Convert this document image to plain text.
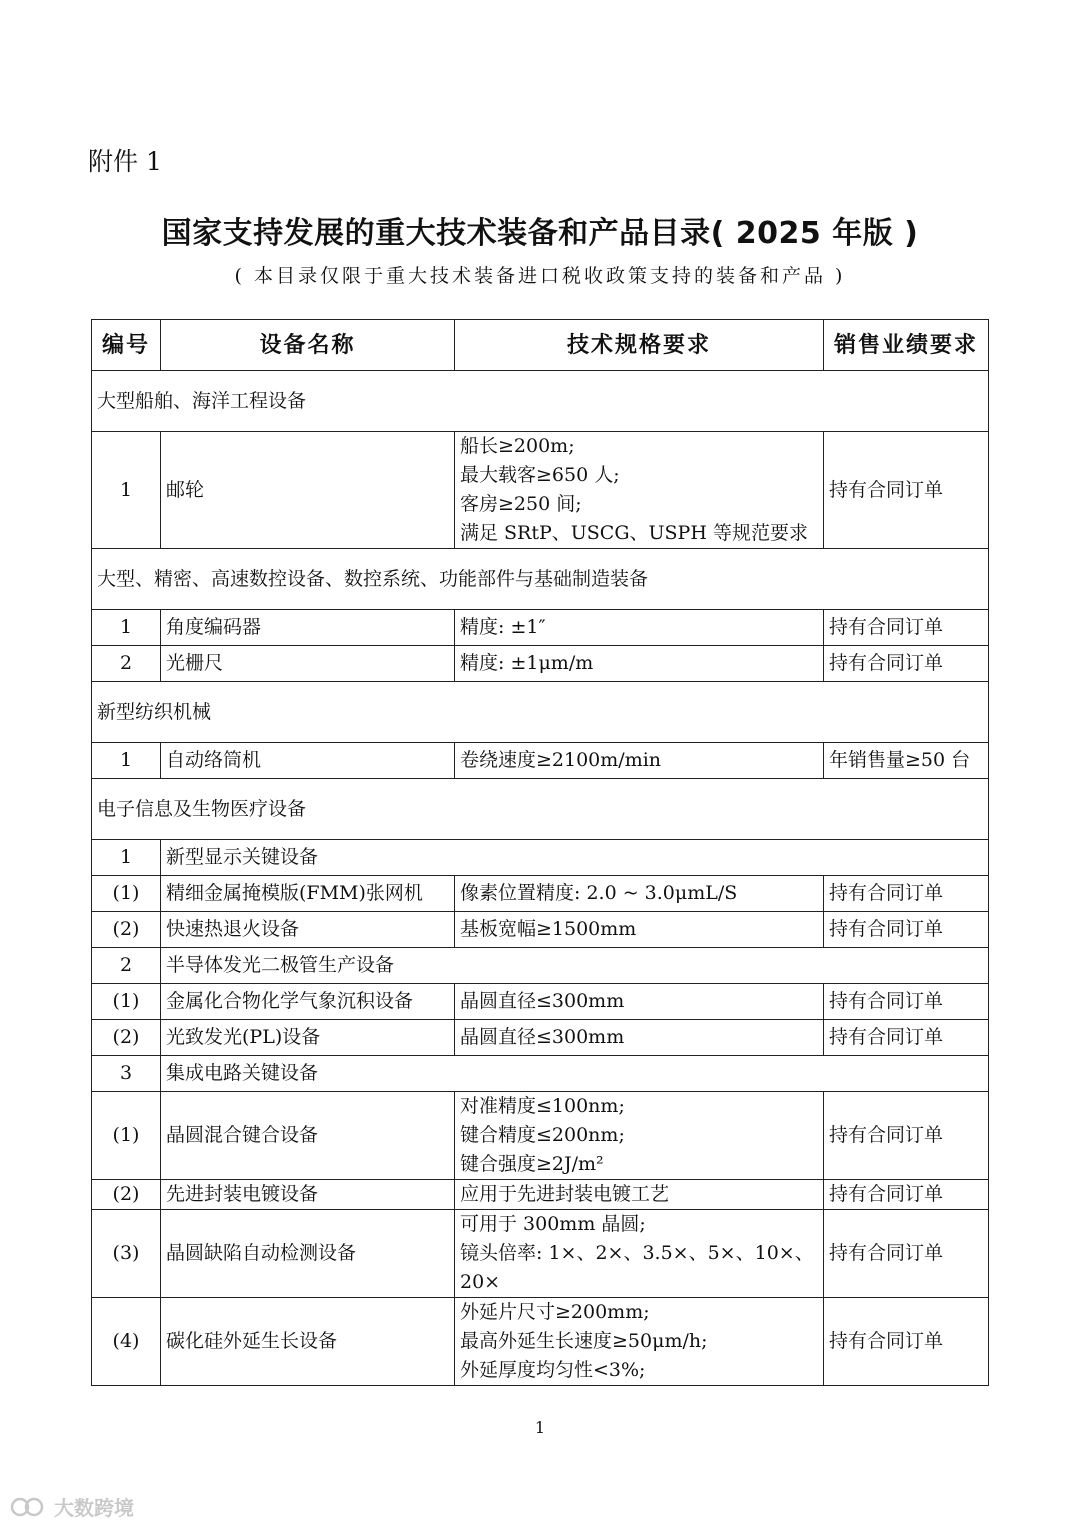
附件 1
国家支持发展的重大技术装备和产品目录( 2025 年版 )
( 本目录仅限于重大技术装备进口税收政策支持的装备和产品 )
编号	设备名称	技术规格要求	销售业绩要求
大型船舶、海洋工程设备			
1	邮轮	船长≥200m;
最大载客≥650 人;
客房≥250 间;
满足 SRtP、USCG、USPH 等规范要求	持有合同订单
大型、精密、高速数控设备、数控系统、功能部件与基础制造装备			
1	角度编码器	精度: ±1″	持有合同订单
2	光栅尺	精度: ±1μm/m	持有合同订单
新型纺织机械			
1	自动络筒机	卷绕速度≥2100m/min	年销售量≥50 台
电子信息及生物医疗设备			
1	新型显示关键设备		
(1)	精细金属掩模版(FMM)张网机	像素位置精度: 2.0 ~ 3.0μmL/S	持有合同订单
(2)	快速热退火设备	基板宽幅≥1500mm	持有合同订单
2	半导体发光二极管生产设备		
(1)	金属化合物化学气象沉积设备	晶圆直径≤300mm	持有合同订单
(2)	光致发光(PL)设备	晶圆直径≤300mm	持有合同订单
3	集成电路关键设备		
(1)	晶圆混合键合设备	对准精度≤100nm;
键合精度≤200nm;
键合强度≥2J/m²	持有合同订单
(2)	先进封装电镀设备	应用于先进封装电镀工艺	持有合同订单
(3)	晶圆缺陷自动检测设备	可用于 300mm 晶圆;
镜头倍率: 1×、2×、3.5×、5×、10×、
20×	持有合同订单
(4)	碳化硅外延生长设备	外延片尺寸≥200mm;
最高外延生长速度≥50μm/h;
外延厚度均匀性<3%;	持有合同订单
1
大数跨境
